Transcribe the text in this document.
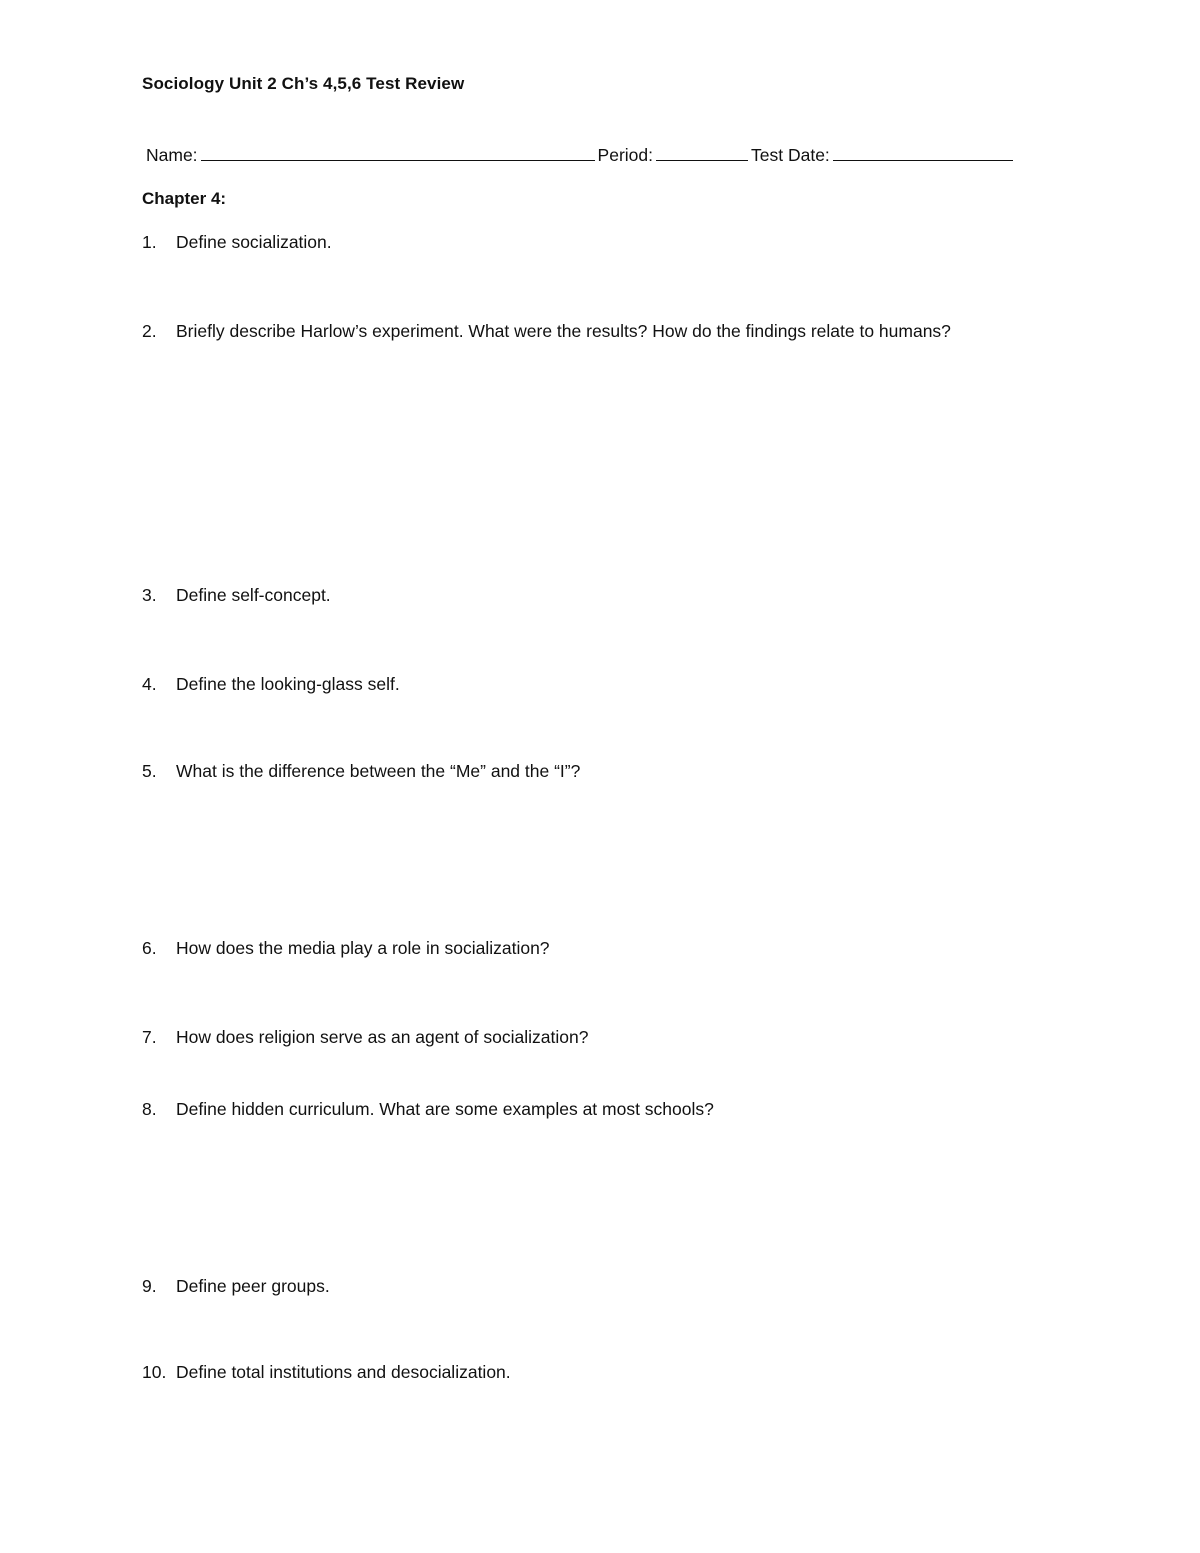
Sociology Unit 2 Ch’s 4,5,6 Test Review
Name:	Period:	Test Date:
Chapter 4:
1. Define socialization.
2. Briefly describe Harlow’s experiment. What were the results? How do the findings relate to humans?
3. Define self-concept.
4. Define the looking-glass self.
5. What is the difference between the “Me” and the “I”?
6. How does the media play a role in socialization?
7. How does religion serve as an agent of socialization?
8. Define hidden curriculum. What are some examples at most schools?
9. Define peer groups.
10. Define total institutions and desocialization.
